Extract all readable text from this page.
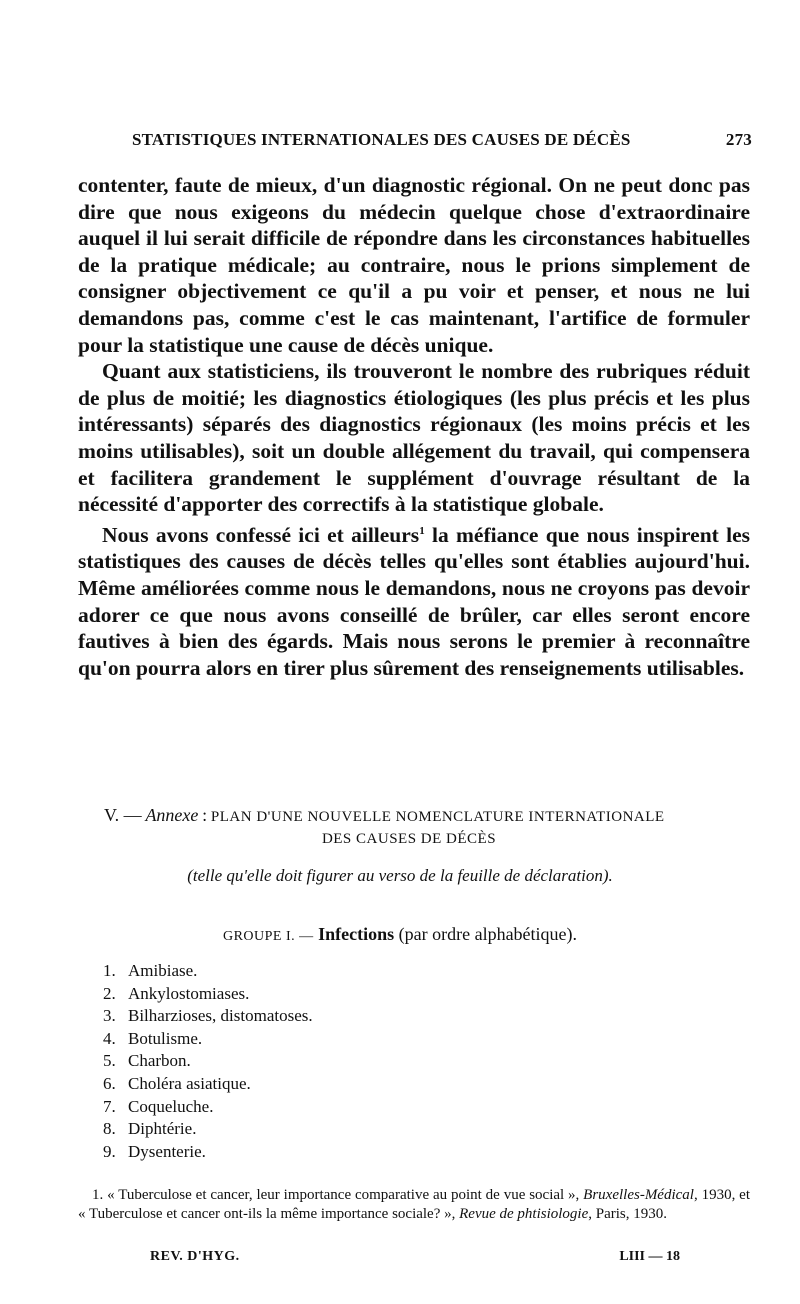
STATISTIQUES INTERNATIONALES DES CAUSES DE DÉCÈS	273

contenter, faute de mieux, d'un diagnostic régional. On ne peut donc pas dire que nous exigeons du médecin quelque chose d'extraordinaire auquel il lui serait difficile de répondre dans les circonstances habituelles de la pratique médicale; au contraire, nous le prions simplement de consigner objectivement ce qu'il a pu voir et penser, et nous ne lui demandons pas, comme c'est le cas maintenant, l'artifice de formuler pour la statistique une cause de décès unique.

Quant aux statisticiens, ils trouveront le nombre des rubriques réduit de plus de moitié; les diagnostics étiologiques (les plus précis et les plus intéressants) séparés des diagnostics régionaux (les moins précis et les moins utilisables), soit un double allégement du travail, qui compensera et facilitera grandement le supplément d'ouvrage résultant de la nécessité d'apporter des correctifs à la statistique globale.

Nous avons confessé ici et ailleurs$^1$ la méfiance que nous inspirent les statistiques des causes de décès telles qu'elles sont établies aujourd'hui. Même améliorées comme nous le demandons, nous ne croyons pas devoir adorer ce que nous avons conseillé de brûler, car elles seront encore fautives à bien des égards. Mais nous serons le premier à reconnaître qu'on pourra alors en tirer plus sûrement des renseignements utilisables.

V. — Annexe : PLAN D'UNE NOUVELLE NOMENCLATURE INTERNATIONALE
DES CAUSES DE DÉCÈS
(telle qu'elle doit figurer au verso de la feuille de déclaration).
GROUPE I. — Infections (par ordre alphabétique).
1. Amibiase.
2. Ankylostomiases.
3. Bilharzioses, distomatoses.
4. Botulisme.
5. Charbon.
6. Choléra asiatique.
7. Coqueluche.
8. Diphtérie.
9. Dysenterie.

1. « Tuberculose et cancer, leur importance comparative au point de vue social », Bruxelles-Médical, 1930, et « Tuberculose et cancer ont-ils la même importance sociale? », Revue de phtisiologie, Paris, 1930.

REV. D'HYG.	LIII — 18
